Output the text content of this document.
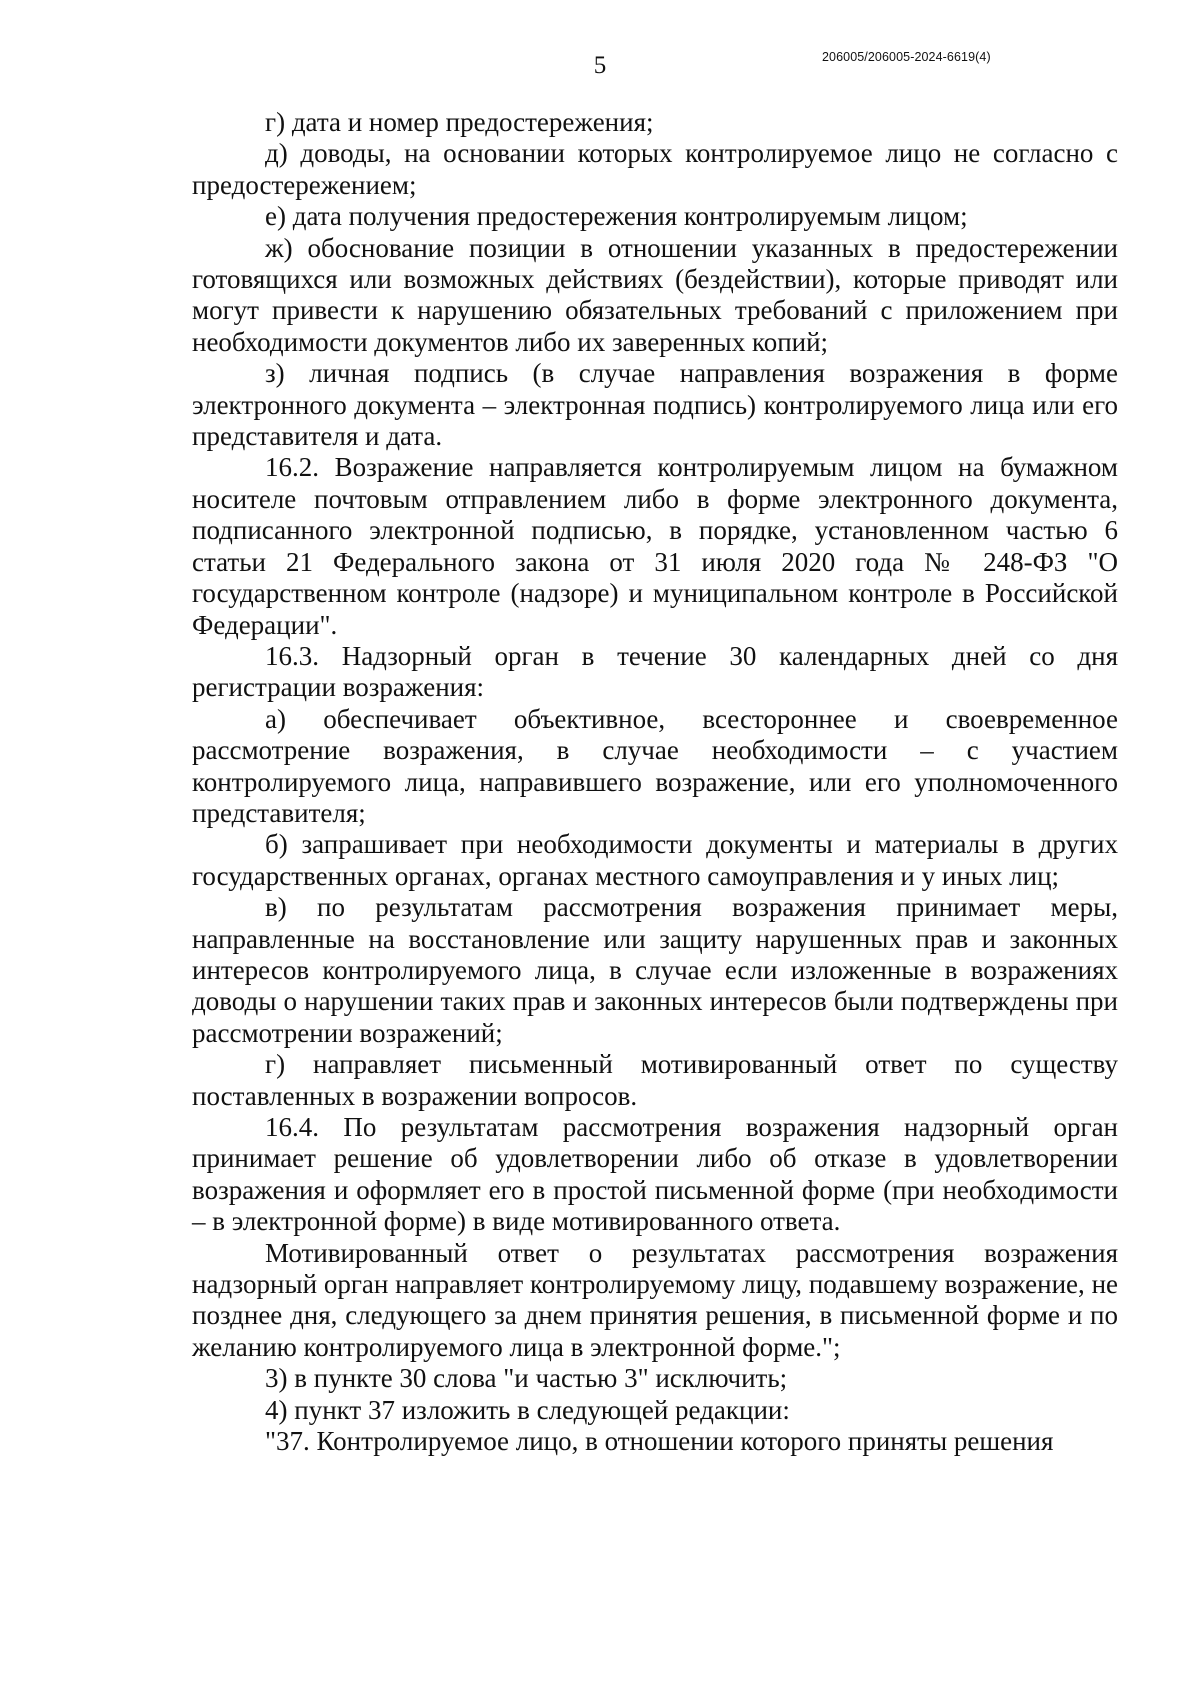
5	206005/206005-2024-6619(4)

г) дата и номер предостережения;

д) доводы, на основании которых контролируемое лицо не согласно с предостережением;

е) дата получения предостережения контролируемым лицом;

ж) обоснование позиции в отношении указанных в предостережении готовящихся или возможных действиях (бездействии), которые приводят или могут привести к нарушению обязательных требований с приложением при необходимости документов либо их заверенных копий;

з) личная подпись (в случае направления возражения в форме электронного документа – электронная подпись) контролируемого лица или его представителя и дата.

16.2. Возражение направляется контролируемым лицом на бумажном носителе почтовым отправлением либо в форме электронного документа, подписанного электронной подписью, в порядке, установленном частью 6 статьи 21 Федерального закона от 31 июля 2020 года № 248-ФЗ "О государственном контроле (надзоре) и муниципальном контроле в Российской Федерации".

16.3. Надзорный орган в течение 30 календарных дней со дня регистрации возражения:

а) обеспечивает объективное, всестороннее и своевременное рассмотрение возражения, в случае необходимости – с участием контролируемого лица, направившего возражение, или его уполномоченного представителя;

б) запрашивает при необходимости документы и материалы в других государственных органах, органах местного самоуправления и у иных лиц;

в) по результатам рассмотрения возражения принимает меры, направленные на восстановление или защиту нарушенных прав и законных интересов контролируемого лица, в случае если изложенные в возражениях доводы о нарушении таких прав и законных интересов были подтверждены при рассмотрении возражений;

г) направляет письменный мотивированный ответ по существу поставленных в возражении вопросов.

16.4. По результатам рассмотрения возражения надзорный орган принимает решение об удовлетворении либо об отказе в удовлетворении возражения и оформляет его в простой письменной форме (при необходимости – в электронной форме) в виде мотивированного ответа.

Мотивированный ответ о результатах рассмотрения возражения надзорный орган направляет контролируемому лицу, подавшему возражение, не позднее дня, следующего за днем принятия решения, в письменной форме и по желанию контролируемого лица в электронной форме.";

3) в пункте 30 слова "и частью 3" исключить;

4) пункт 37 изложить в следующей редакции:

"37. Контролируемое лицо, в отношении которого приняты решения
